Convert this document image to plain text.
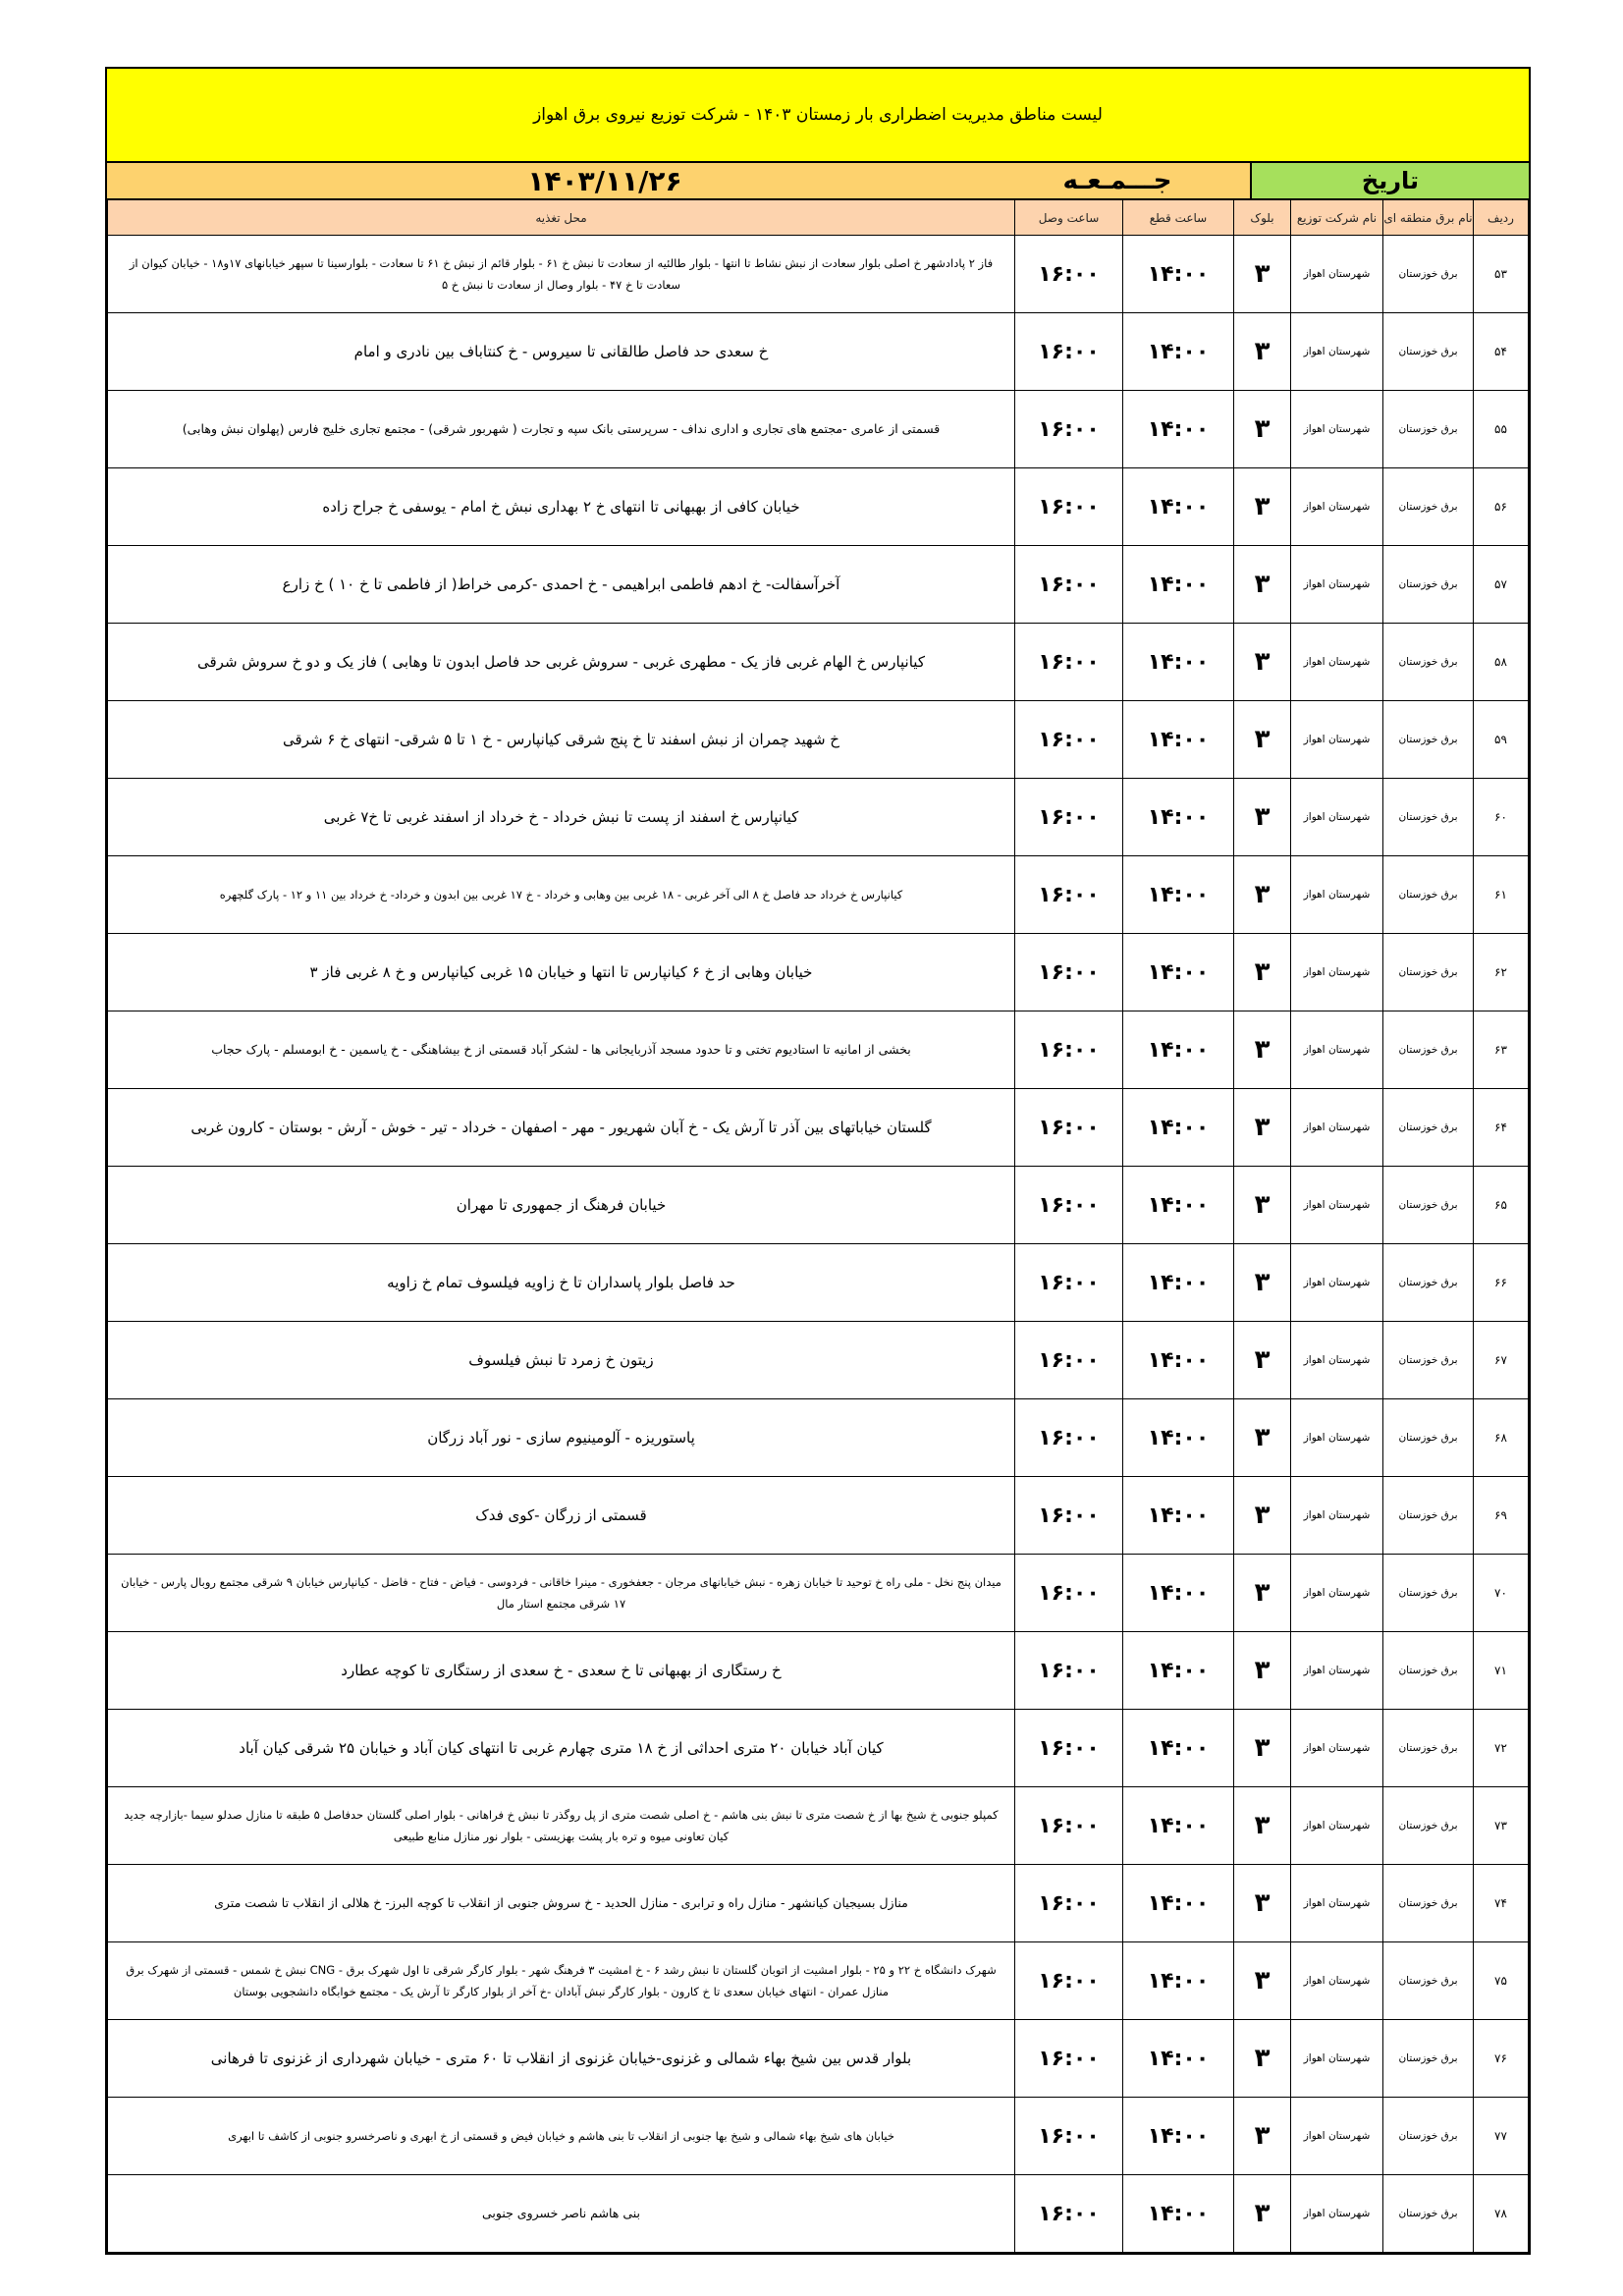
لیست مناطق مدیریت اضطراری بار زمستان ۱۴۰۳ - شرکت توزیع نیروی برق اهواز
تاریخ
جـــمـعـه
۱۴۰۳/۱۱/۲۶
ردیف	نام برق منطقه ای	نام شرکت توزیع	بلوک	ساعت قطع	ساعت وصل	محل تغذیه
۵۳	برق خوزستان	شهرستان اهواز	۳	۱۴:۰۰	۱۶:۰۰	فاز ۲ پادادشهر خ اصلی بلوار سعادت از نبش نشاط تا انتها - بلوار طالئیه از سعادت تا نبش خ ۶۱ - بلوار قائم از نبش خ ۶۱ تا سعادت - بلوارسینا تا سپهر خیابانهای ۱۷و۱۸ - خیابان کیوان از سعادت تا خ ۴۷ - بلوار وصال از سعادت تا نبش خ ۵
۵۴	برق خوزستان	شهرستان اهواز	۳	۱۴:۰۰	۱۶:۰۰	خ سعدی حد فاصل طالقانی تا سیروس - خ کنتاباف بین نادری و امام
۵۵	برق خوزستان	شهرستان اهواز	۳	۱۴:۰۰	۱۶:۰۰	قسمتی از عامری -مجتمع های تجاری و اداری نداف - سرپرستی بانک سپه و تجارت ( شهربور شرقی) - مجتمع تجاری خلیج فارس (پهلوان نبش وهابی)
۵۶	برق خوزستان	شهرستان اهواز	۳	۱۴:۰۰	۱۶:۰۰	خیابان کافی از بهبهانی تا انتهای خ ۲ بهداری نبش خ امام - یوسفی خ جراح زاده
۵۷	برق خوزستان	شهرستان اهواز	۳	۱۴:۰۰	۱۶:۰۰	آخرآسفالت- خ ادهم فاطمی ابراهیمی - خ احمدی -کرمی خراط( از فاطمی تا خ ۱۰ ) خ زارع
۵۸	برق خوزستان	شهرستان اهواز	۳	۱۴:۰۰	۱۶:۰۰	کیانپارس خ الهام غربی فاز یک - مطهری غربی - سروش غربی حد فاصل ابدون تا وهابی ) فاز یک و دو خ سروش شرقی
۵۹	برق خوزستان	شهرستان اهواز	۳	۱۴:۰۰	۱۶:۰۰	خ شهید چمران از نبش اسفند تا خ پنج شرقی کیانپارس - خ ۱ تا ۵ شرقی- انتهای خ ۶ شرقی
۶۰	برق خوزستان	شهرستان اهواز	۳	۱۴:۰۰	۱۶:۰۰	کیانپارس خ اسفند از پست تا نبش خرداد - خ خرداد از اسفند غربی تا خ۷ غربی
۶۱	برق خوزستان	شهرستان اهواز	۳	۱۴:۰۰	۱۶:۰۰	کیانپارس خ خرداد حد فاصل خ ۸ الی آخر غربی - ۱۸ غربی بین وهابی و خرداد - خ ۱۷ غربی بین ابدون و خرداد- خ خرداد بین ۱۱ و ۱۲ - پارک گلچهره
۶۲	برق خوزستان	شهرستان اهواز	۳	۱۴:۰۰	۱۶:۰۰	خیابان وهابی از خ ۶ کیانپارس تا انتها و خیابان ۱۵ غربی کیانپارس و خ ۸ غربی فاز ۳
۶۳	برق خوزستان	شهرستان اهواز	۳	۱۴:۰۰	۱۶:۰۰	بخشی از امانیه تا استادیوم تختی و تا حدود مسجد آذربایجانی ها - لشکر آباد قسمتی از خ بیشاهنگی - خ یاسمین - خ ابومسلم - پارک حجاب
۶۴	برق خوزستان	شهرستان اهواز	۳	۱۴:۰۰	۱۶:۰۰	گلستان خیاباتهای بین آذر تا آرش یک - خ آبان شهریور - مهر - اصفهان - خرداد - تیر - خوش - آرش - بوستان - کارون غربی
۶۵	برق خوزستان	شهرستان اهواز	۳	۱۴:۰۰	۱۶:۰۰	خیابان فرهنگ از جمهوری تا مهران
۶۶	برق خوزستان	شهرستان اهواز	۳	۱۴:۰۰	۱۶:۰۰	حد فاصل بلوار پاسداران تا خ زاویه فیلسوف تمام خ زاویه
۶۷	برق خوزستان	شهرستان اهواز	۳	۱۴:۰۰	۱۶:۰۰	زیتون خ زمرد تا نبش فیلسوف
۶۸	برق خوزستان	شهرستان اهواز	۳	۱۴:۰۰	۱۶:۰۰	پاستوریزه - آلومینیوم سازی - نور آباد زرگان
۶۹	برق خوزستان	شهرستان اهواز	۳	۱۴:۰۰	۱۶:۰۰	قسمتی از زرگان -کوی فدک
۷۰	برق خوزستان	شهرستان اهواز	۳	۱۴:۰۰	۱۶:۰۰	میدان پنج نخل - ملی راه خ توحید تا خیابان زهره - نبش خیابانهای مرجان - جعفخوری - مینرا خاقانی - فردوسی - فیاض - فتاح - فاضل - کیانپارس خیابان ۹ شرقی مجتمع روبال پارس - خیابان ۱۷ شرقی مجتمع استار مال
۷۱	برق خوزستان	شهرستان اهواز	۳	۱۴:۰۰	۱۶:۰۰	خ رستگاری از بهبهانی تا خ سعدی - خ سعدی از رستگاری تا کوچه عطارد
۷۲	برق خوزستان	شهرستان اهواز	۳	۱۴:۰۰	۱۶:۰۰	کیان آباد خیابان ۲۰ متری احداثی از خ ۱۸ متری چهارم غربی تا انتهای کیان آباد و خیابان ۲۵ شرقی کیان آباد
۷۳	برق خوزستان	شهرستان اهواز	۳	۱۴:۰۰	۱۶:۰۰	کمپلو جنوبی خ شیخ بها از خ شصت متری تا نبش بنی هاشم - خ اصلی شصت متری از پل روگذر تا نبش خ فراهانی - بلوار اصلی گلستان حدفاصل ۵ طبقه تا منازل صدلو سیما -بازارچه جدید کیان تعاونی میوه و تره بار پشت بهزیستی - بلوار نور منازل منابع طبیعی
۷۴	برق خوزستان	شهرستان اهواز	۳	۱۴:۰۰	۱۶:۰۰	منازل بسیجیان کیانشهر - منازل راه و ترابری - منازل الحدید - خ سروش جنوبی از انقلاب تا کوچه البرز- خ هلالی از انقلاب تا شصت متری
۷۵	برق خوزستان	شهرستان اهواز	۳	۱۴:۰۰	۱۶:۰۰	شهرک دانشگاه خ ۲۲ و ۲۵ - بلوار امشیت از اتوبان گلستان تا نبش رشد ۶ - خ امشیت ۳ فرهنگ شهر - بلوار کارگر شرقی تا اول شهرک برق - CNG نبش خ شمس - قسمتی از شهرک برق منازل عمران - انتهای خیابان سعدی تا خ کارون - بلوار کارگر نبش آبادان -خ آخر از بلوار کارگر تا آرش یک - مجتمع خوابگاه دانشجویی بوستان
۷۶	برق خوزستان	شهرستان اهواز	۳	۱۴:۰۰	۱۶:۰۰	بلوار قدس بین شیخ بهاء شمالی و غزنوی-خیابان غزنوی از انقلاب تا ۶۰ متری - خیابان شهرداری از غزنوی تا فرهانی
۷۷	برق خوزستان	شهرستان اهواز	۳	۱۴:۰۰	۱۶:۰۰	خیابان های شیخ بهاء شمالی و شیخ بها جنوبی از انقلاب تا بنی هاشم و خیابان فیض و قسمتی از خ ابهری و ناصرخسرو جنوبی از کاشف تا ابهری
۷۸	برق خوزستان	شهرستان اهواز	۳	۱۴:۰۰	۱۶:۰۰	بنی هاشم ناصر خسروی جنوبی
